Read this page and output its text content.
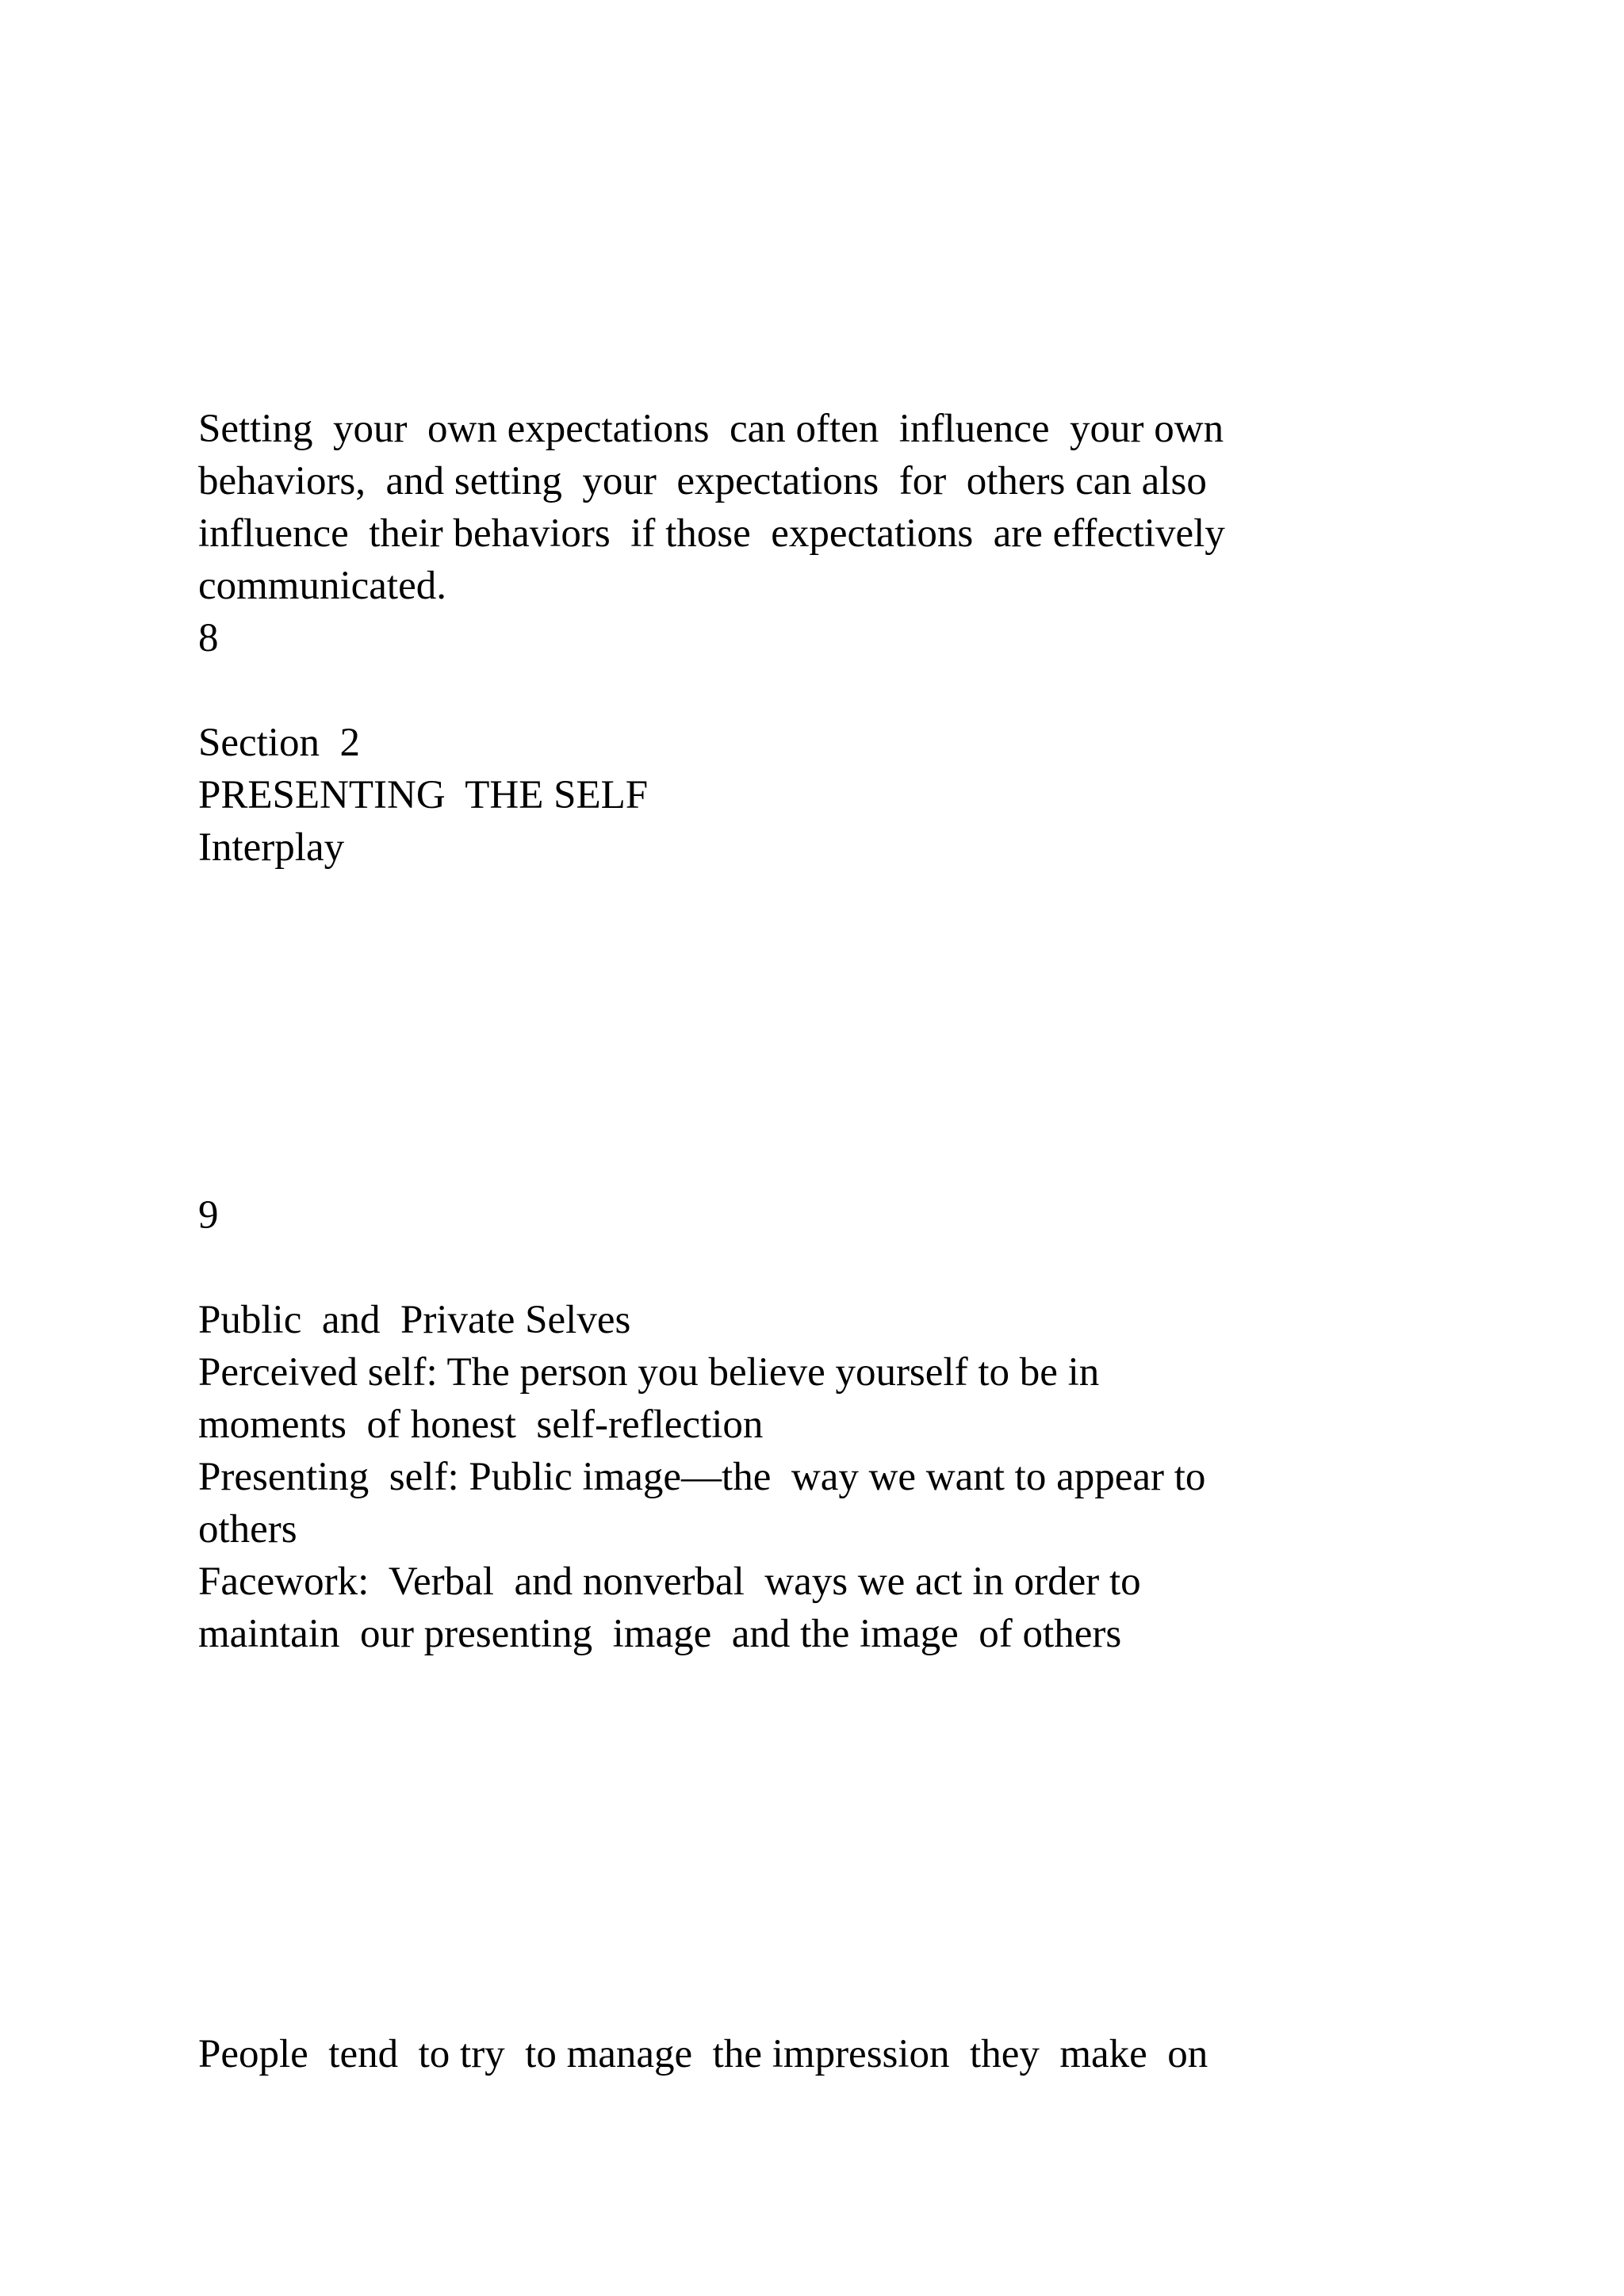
Setting  your  own expectations  can often  influence  your own
behaviors,  and setting  your  expectations  for  others can also
influence  their behaviors  if those  expectations  are effectively
communicated.
8
Section  2
PRESENTING  THE SELF
Interplay
9
Public  and  Private Selves
Perceived self: The person you believe yourself to be in
moments  of honest  self-reflection
Presenting  self: Public image—the  way we want to appear to
others
Facework:  Verbal  and nonverbal  ways we act in order to
maintain  our presenting  image  and the image  of others
People  tend  to try  to manage  the impression  they  make  on
